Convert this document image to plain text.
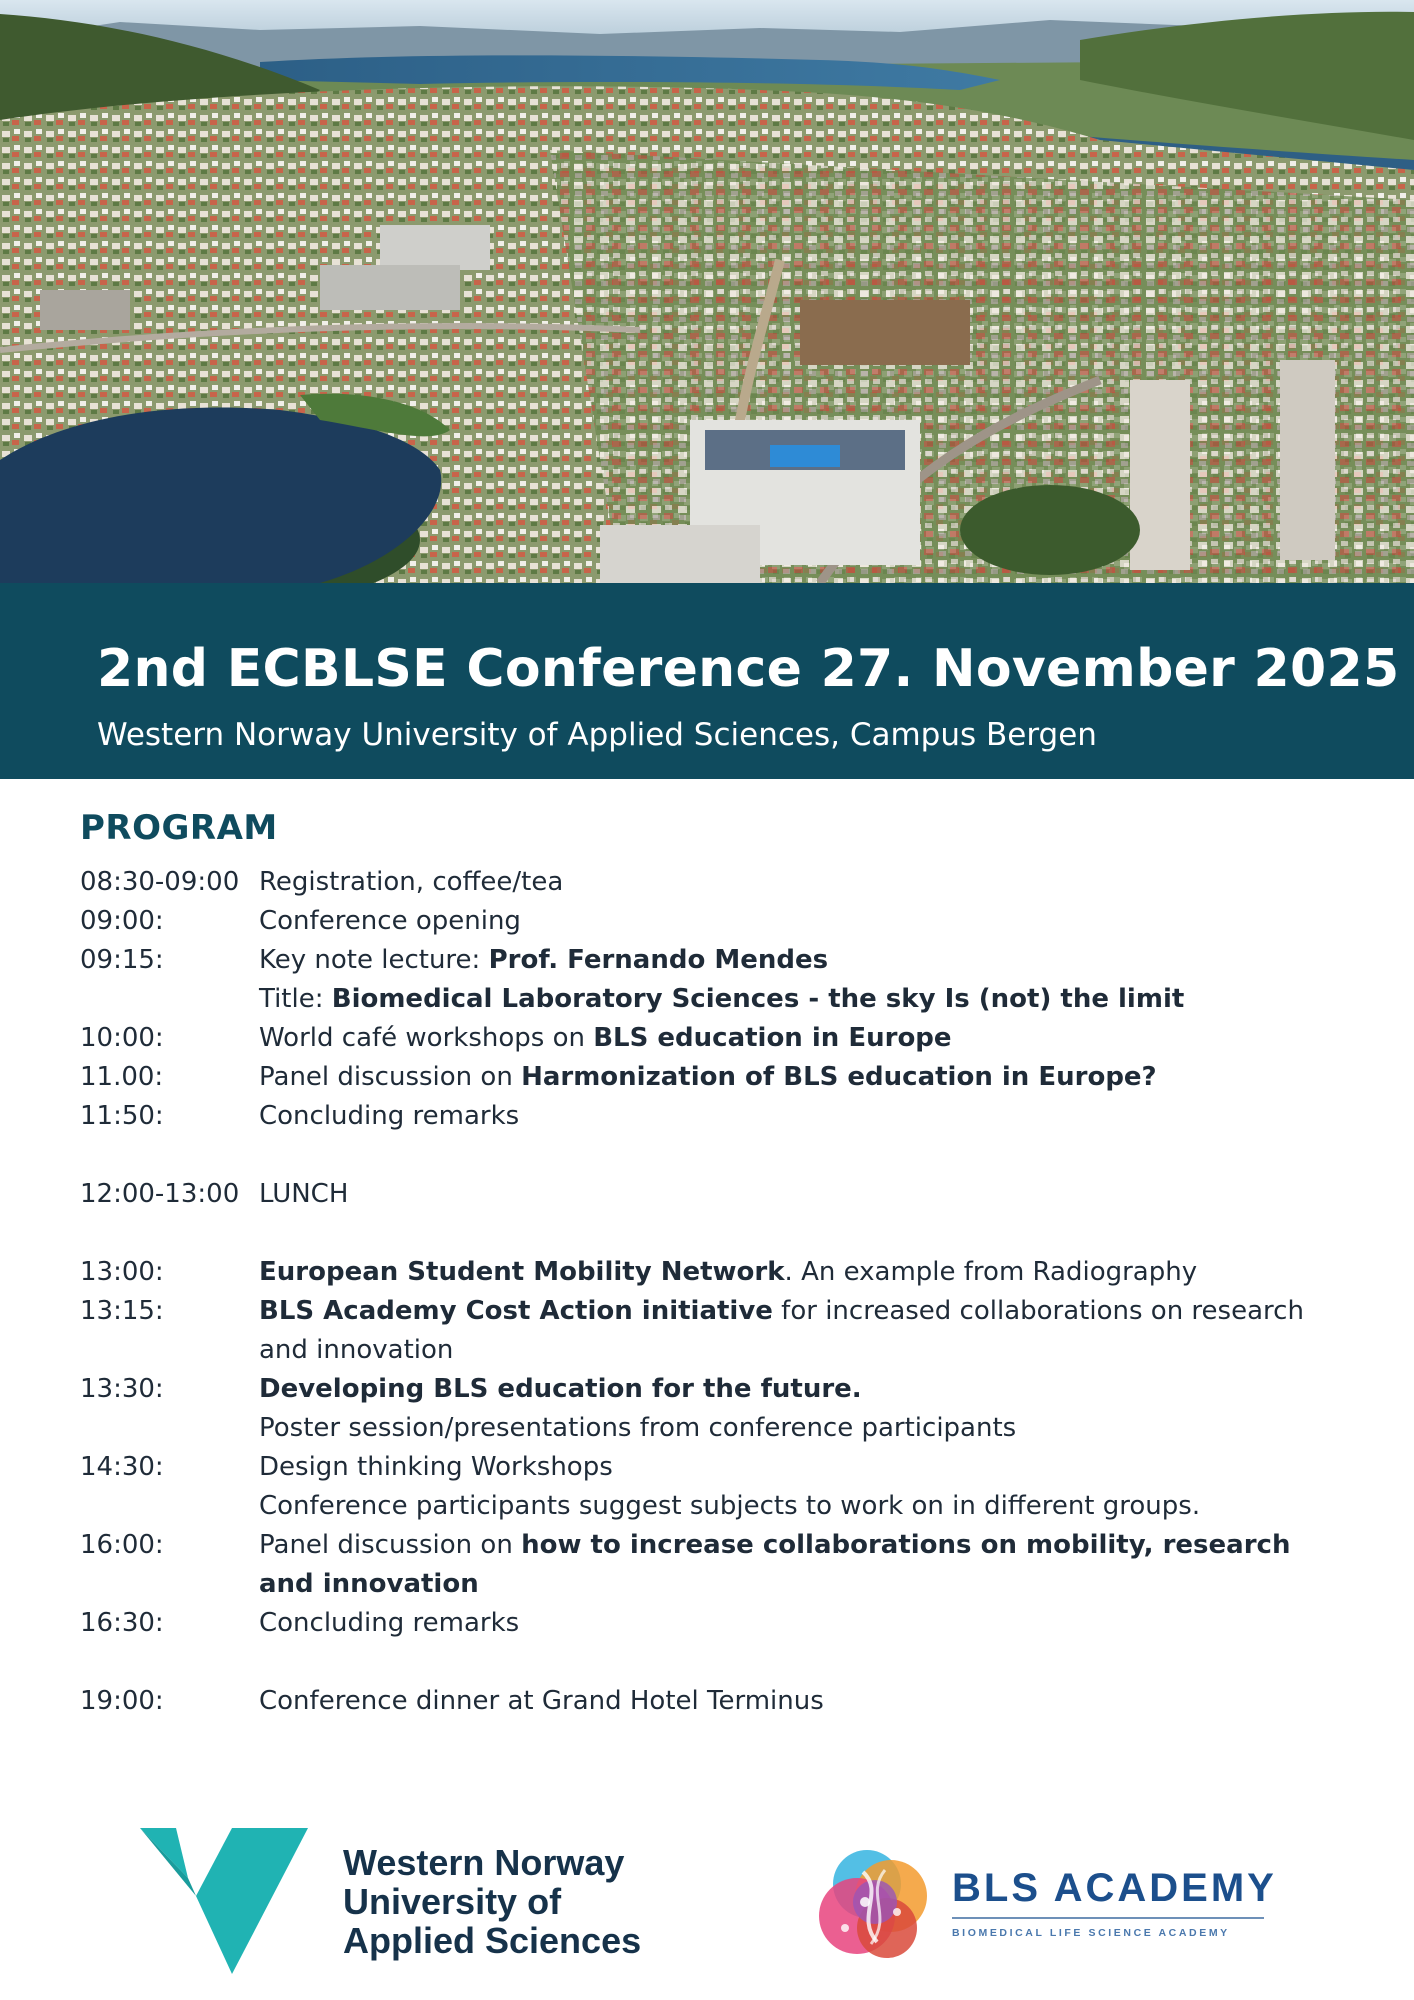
2nd ECBLSE Conference 27. November 2025

Western Norway University of Applied Sciences, Campus Bergen

PROGRAM
08:30-09:00 Registration, coffee/tea
09:00:	Conference opening
09:15:	Key note lecture: Prof. Fernando Mendes
Title: Biomedical Laboratory Sciences - the sky Is (not) the limit
10:00:	World café workshops on BLS education in Europe
11.00:	Panel discussion on Harmonization of BLS education in Europe?
11:50:	Concluding remarks
12:00-13:00 LUNCH
13:00:	European Student Mobility Network. An example from Radiography
13:15:	BLS Academy Cost Action initiative for increased collaborations on research and innovation
13:30:	Developing BLS education for the future.
Poster session/presentations from conference participants
14:30:	Design thinking Workshops
Conference participants suggest subjects to work on in different groups.
16:00:	Panel discussion on how to increase collaborations on mobility, research and innovation
16:30:	Concluding remarks
19:00:	Conference dinner at Grand Hotel Terminus
Western Norway
University of
Applied Sciences

BLS ACADEMY

BIOMEDICAL LIFE SCIENCE ACADEMY
